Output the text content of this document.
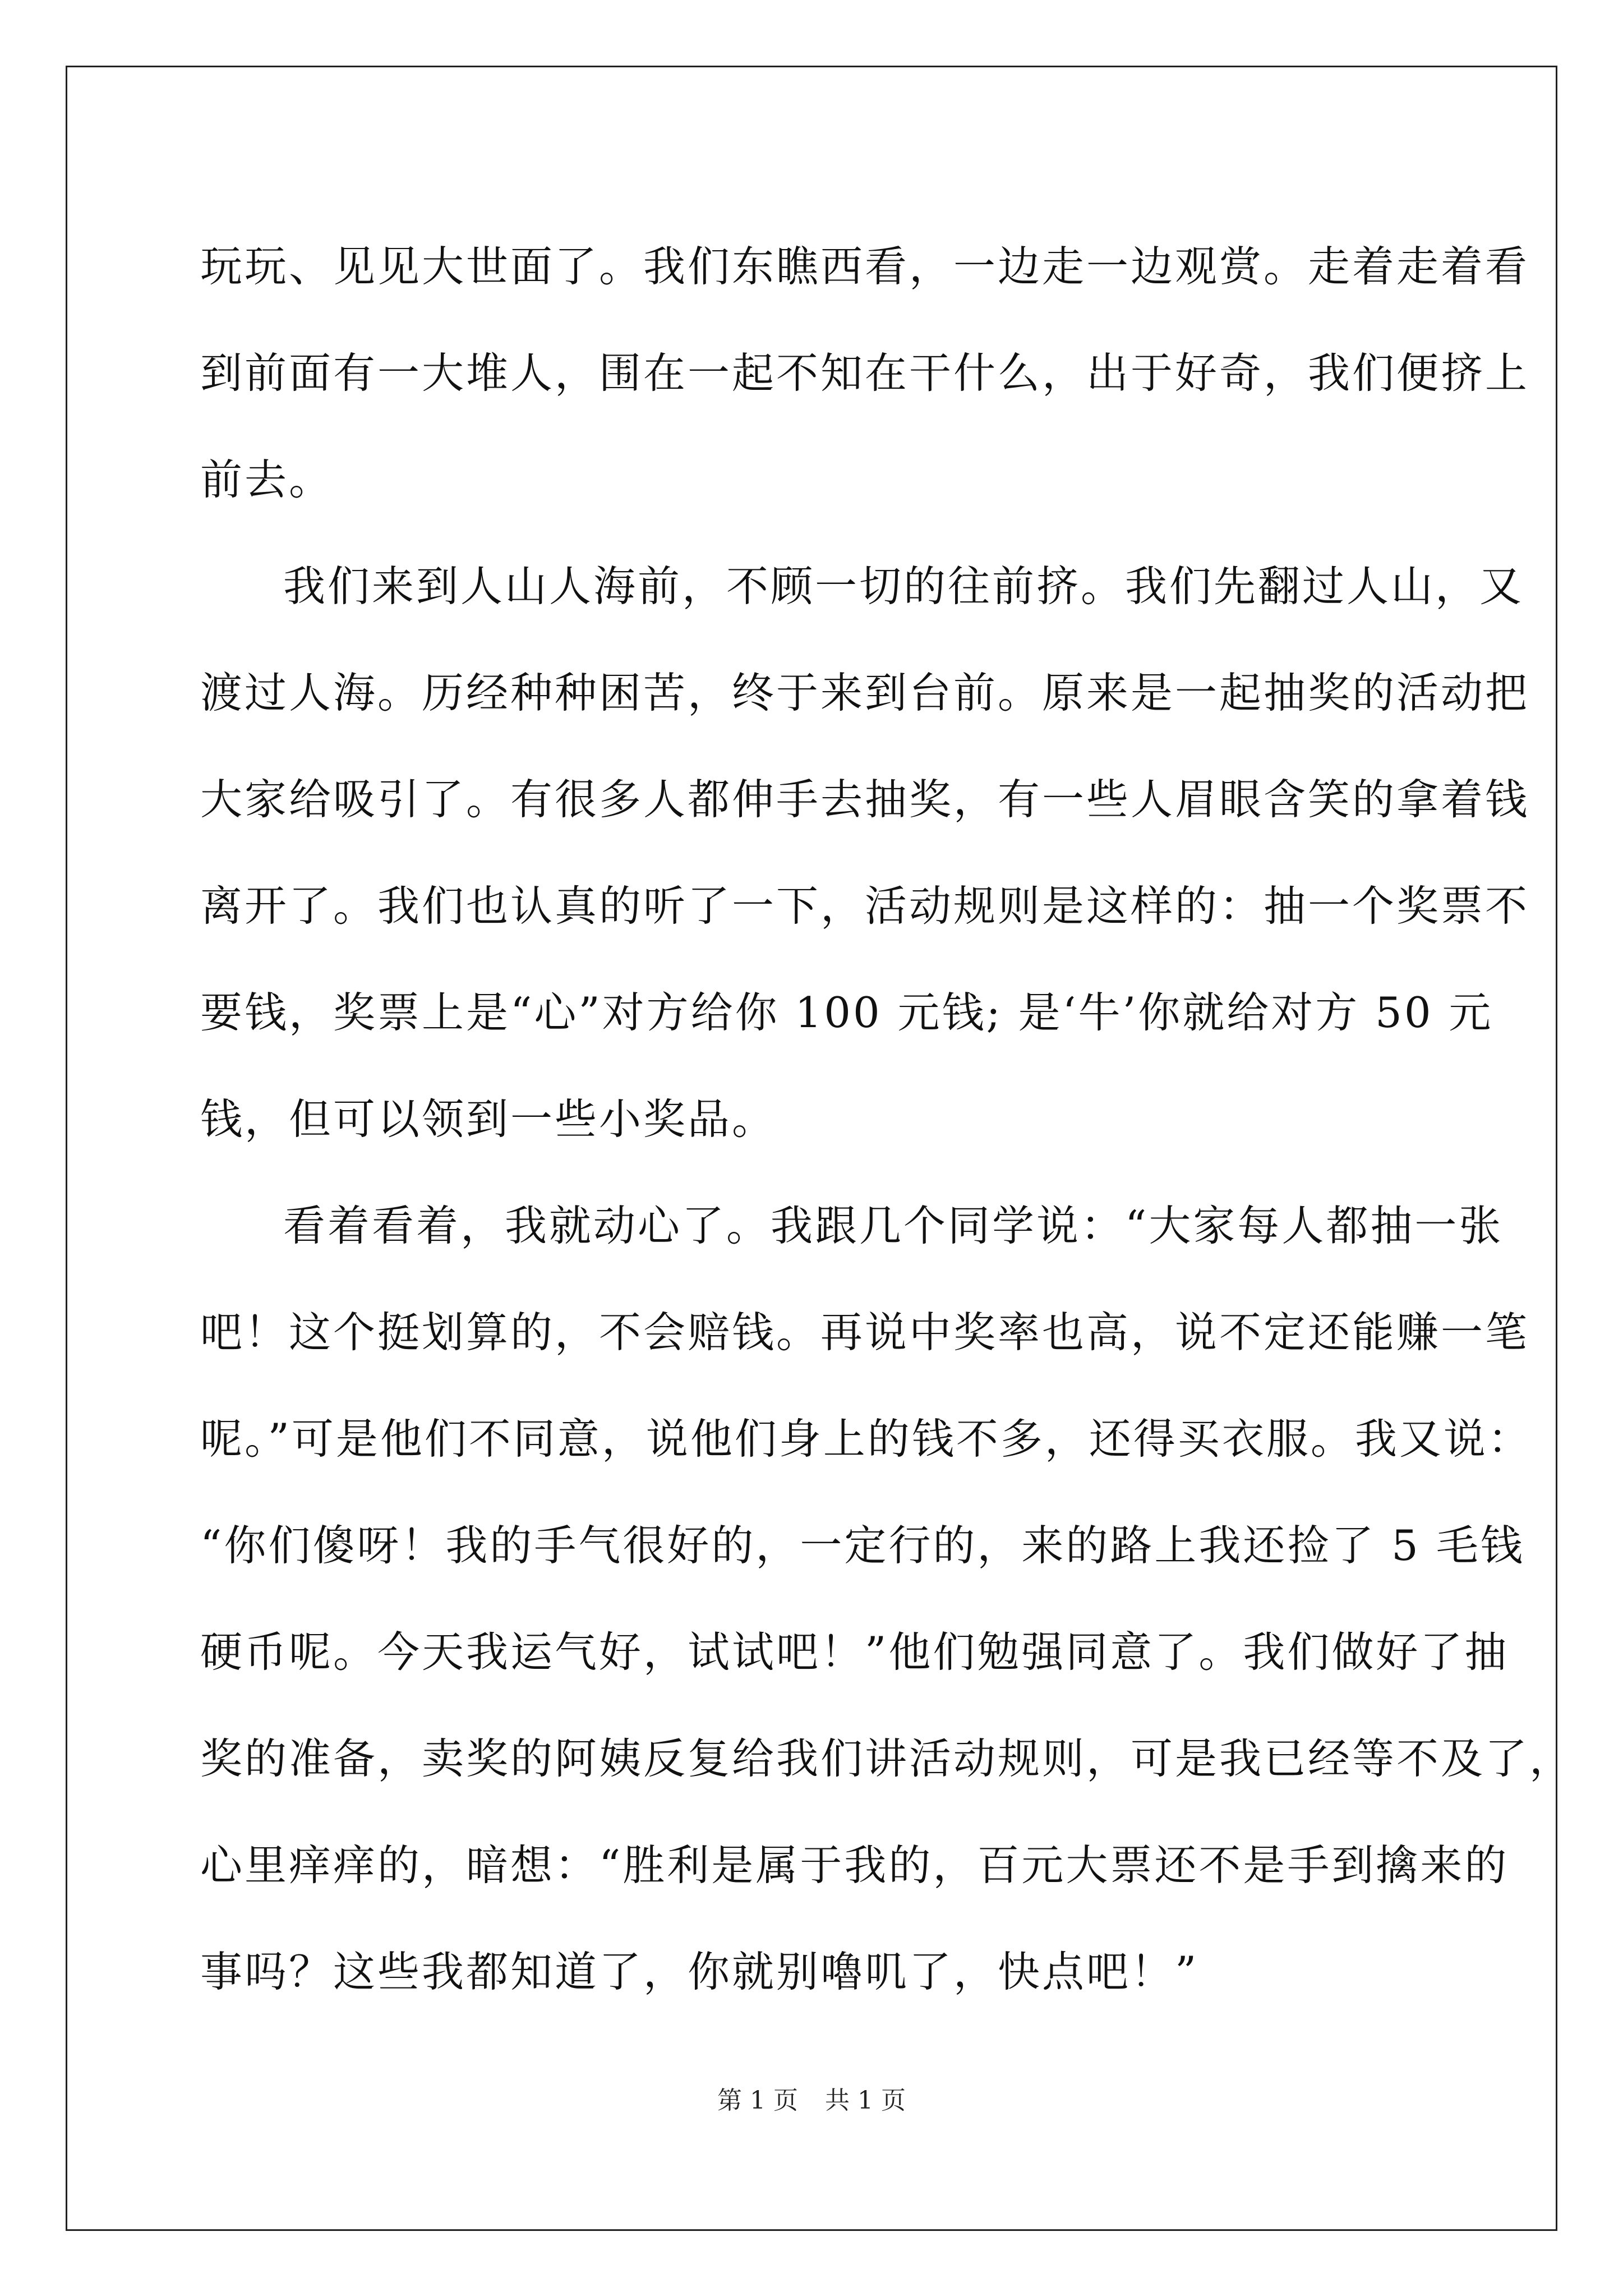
玩玩、见见大世面了。我们东瞧西看，一边走一边观赏。走着走着看
到前面有一大堆人，围在一起不知在干什么，出于好奇，我们便挤上
前去。
我们来到人山人海前，不顾一切的往前挤。我们先翻过人山，又
渡过人海。历经种种困苦，终于来到台前。原来是一起抽奖的活动把
大家给吸引了。有很多人都伸手去抽奖，有一些人眉眼含笑的拿着钱
离开了。我们也认真的听了一下，活动规则是这样的：抽一个奖票不
要钱，奖票上是“心”对方给你 100 元钱; 是‘牛’你就给对方 50 元
钱，但可以领到一些小奖品。
看着看着，我就动心了。我跟几个同学说：“大家每人都抽一张
吧！这个挺划算的，不会赔钱。再说中奖率也高，说不定还能赚一笔
呢。”可是他们不同意，说他们身上的钱不多，还得买衣服。我又说：
“你们傻呀！我的手气很好的，一定行的，来的路上我还捡了 5 毛钱
硬币呢。今天我运气好，试试吧！”他们勉强同意了。我们做好了抽
奖的准备，卖奖的阿姨反复给我们讲活动规则，可是我已经等不及了，
心里痒痒的，暗想：“胜利是属于我的，百元大票还不是手到擒来的
事吗？这些我都知道了，你就别嚕叽了，快点吧！”
第 1 页 共 1 页
